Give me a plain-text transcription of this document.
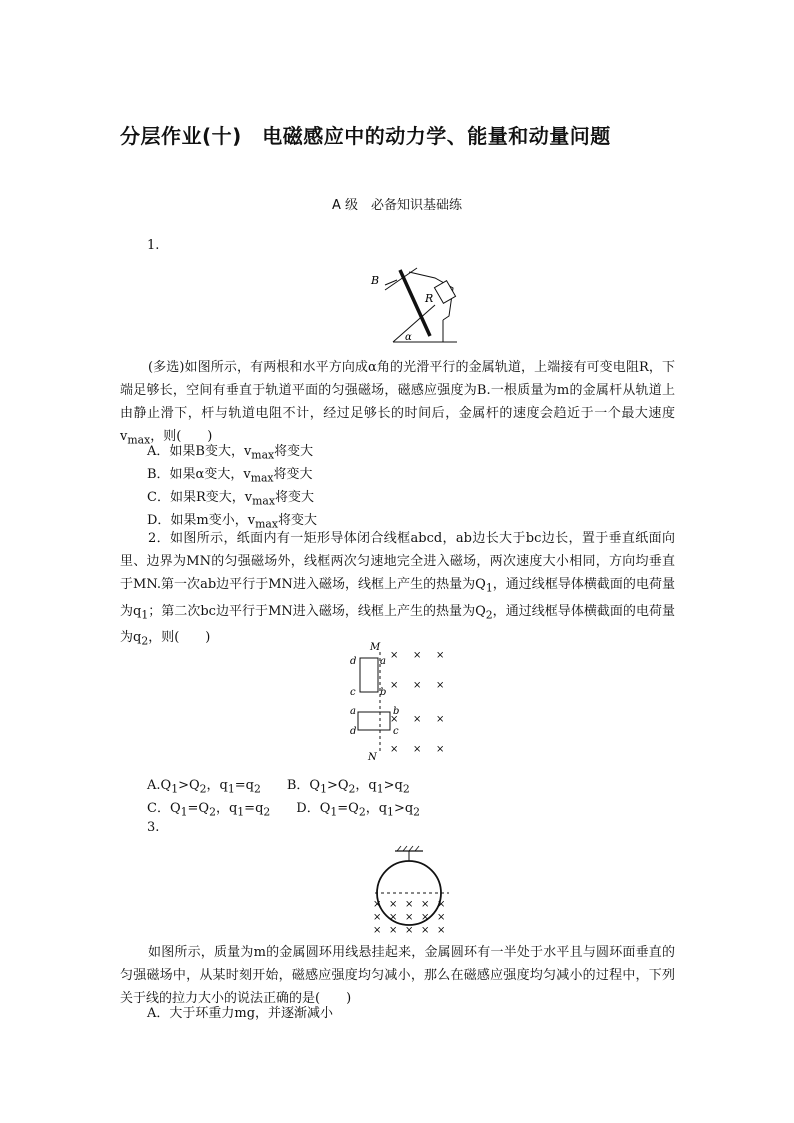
分层作业(十)　电磁感应中的动力学、能量和动量问题
A 级　必备知识基础练
1.
B
R
α
(多选)如图所示，有两根和水平方向成α角的光滑平行的金属轨道，上端接有可变电阻R，下端足够长，空间有垂直于轨道平面的匀强磁场，磁感应强度为B.一根质量为m的金属杆从轨道上由静止滑下，杆与轨道电阻不计，经过足够长的时间后，金属杆的速度会趋近于一个最大速度$v_{max}$，则(　　)
A．如果B变大，$v_{max}$将变大
B．如果α变大，$v_{max}$将变大
C．如果R变大，$v_{max}$将变大
D．如果m变小，$v_{max}$将变大
2．如图所示，纸面内有一矩形导体闭合线框abcd，ab边长大于bc边长，置于垂直纸面向里、边界为MN的匀强磁场外，线框两次匀速地完全进入磁场，两次速度大小相同，方向均垂直于MN.第一次ab边平行于MN进入磁场，线框上产生的热量为$Q_1$，通过线框导体横截面的电荷量为$q_1$；第二次bc边平行于MN进入磁场，线框上产生的热量为$Q_2$，通过线框导体横截面的电荷量为$q_2$，则(　　)
M
N
d a
c b
a	b
d	c
× × ×
× × ×
× × ×
× × ×
$A.Q_1>Q_2$，$q_1=q_2$　　B．$Q_1>Q_2$，$q_1>q_2$
C．$Q_1=Q_2$，$q_1=q_2$　　D．$Q_1=Q_2$，$q_1>q_2$
3.
× × × × ×
× × × × ×
× × × × ×
如图所示，质量为m的金属圆环用线悬挂起来，金属圆环有一半处于水平且与圆环面垂直的匀强磁场中，从某时刻开始，磁感应强度均匀减小，那么在磁感应强度均匀减小的过程中，下列关于线的拉力大小的说法正确的是(　　)
A．大于环重力mg，并逐渐减小
